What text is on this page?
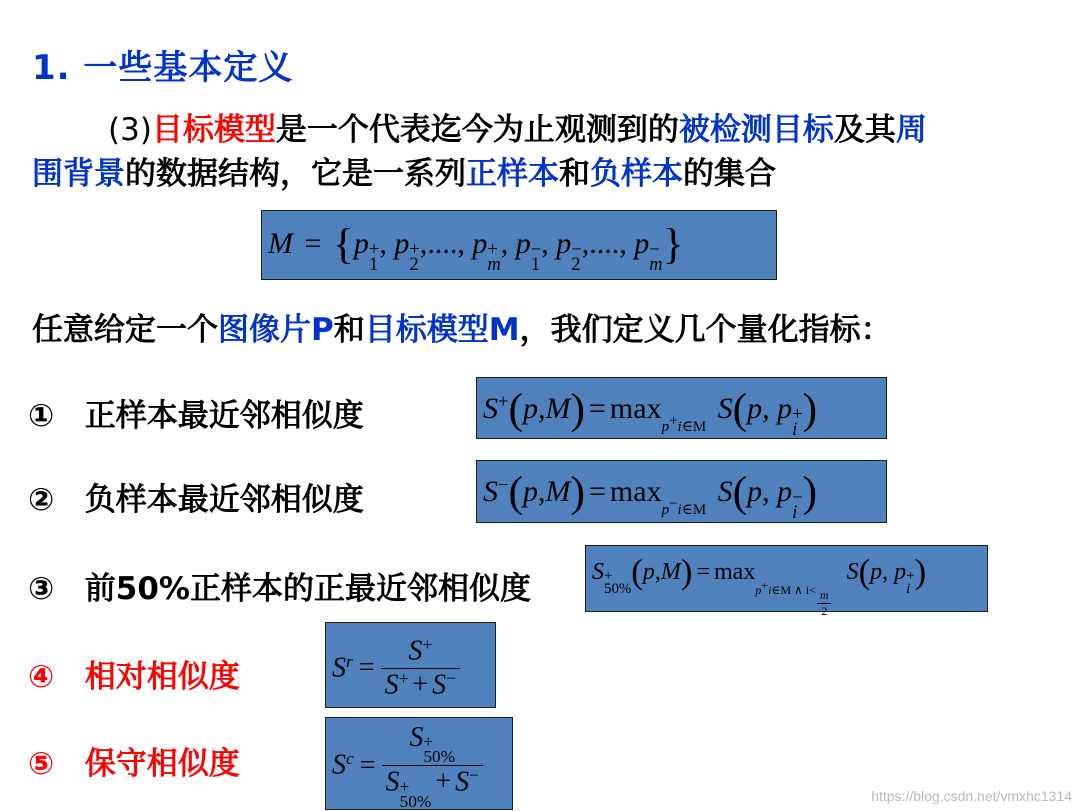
1. 一些基本定义
(3)目标模型是一个代表迄今为止观测到的被检测目标及其周
围背景的数据结构，它是一系列正样本和负样本的集合
M = {p +
1
, p +
2
,...., p +
m
, p −
1
, p −
2
,...., p −
m }
任意给定一个图像片P和目标模型M，我们定义几个量化指标：
① 正样本最近邻相似度	$S^+(p,M) = \max_{p+i\in M} S(p$, p +
i )
② 负样本最近邻相似度	$S^-(p,M) = \max_{p-i\in M} S(p$, p −
i )
③ 前50%正样本的正最近邻相似度	S +
50% $(p,M) = \max_{p+i\in M \wedge i< \frac{m}{2}}$
S(p, p +
i )
④ 相对相似度	$S^r = \frac{S^+}{S^+ + S^-}$
⑤ 保守相似度	$S^c = S$ +
50%
S +
50%
+ S−	https://blog.csdn.net/vmxhc1314
